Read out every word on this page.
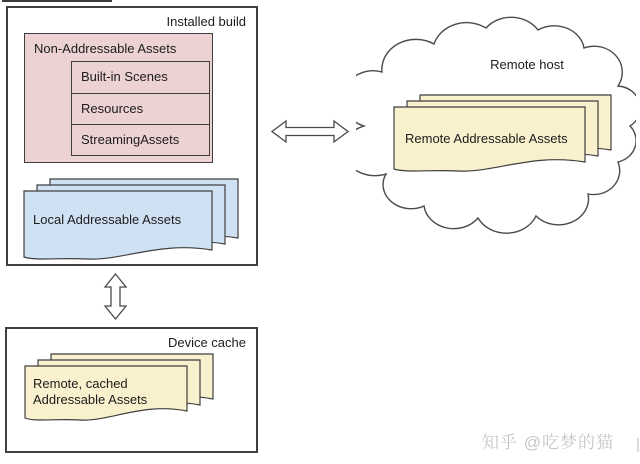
Installed build
Non-Addressable Assets
Built-in Scenes
Resources
StreamingAssets
Local Addressable Assets
Remote host
Remote Addressable Assets
Device cache
Remote, cached
Addressable Assets
知乎 @吃梦的猫
